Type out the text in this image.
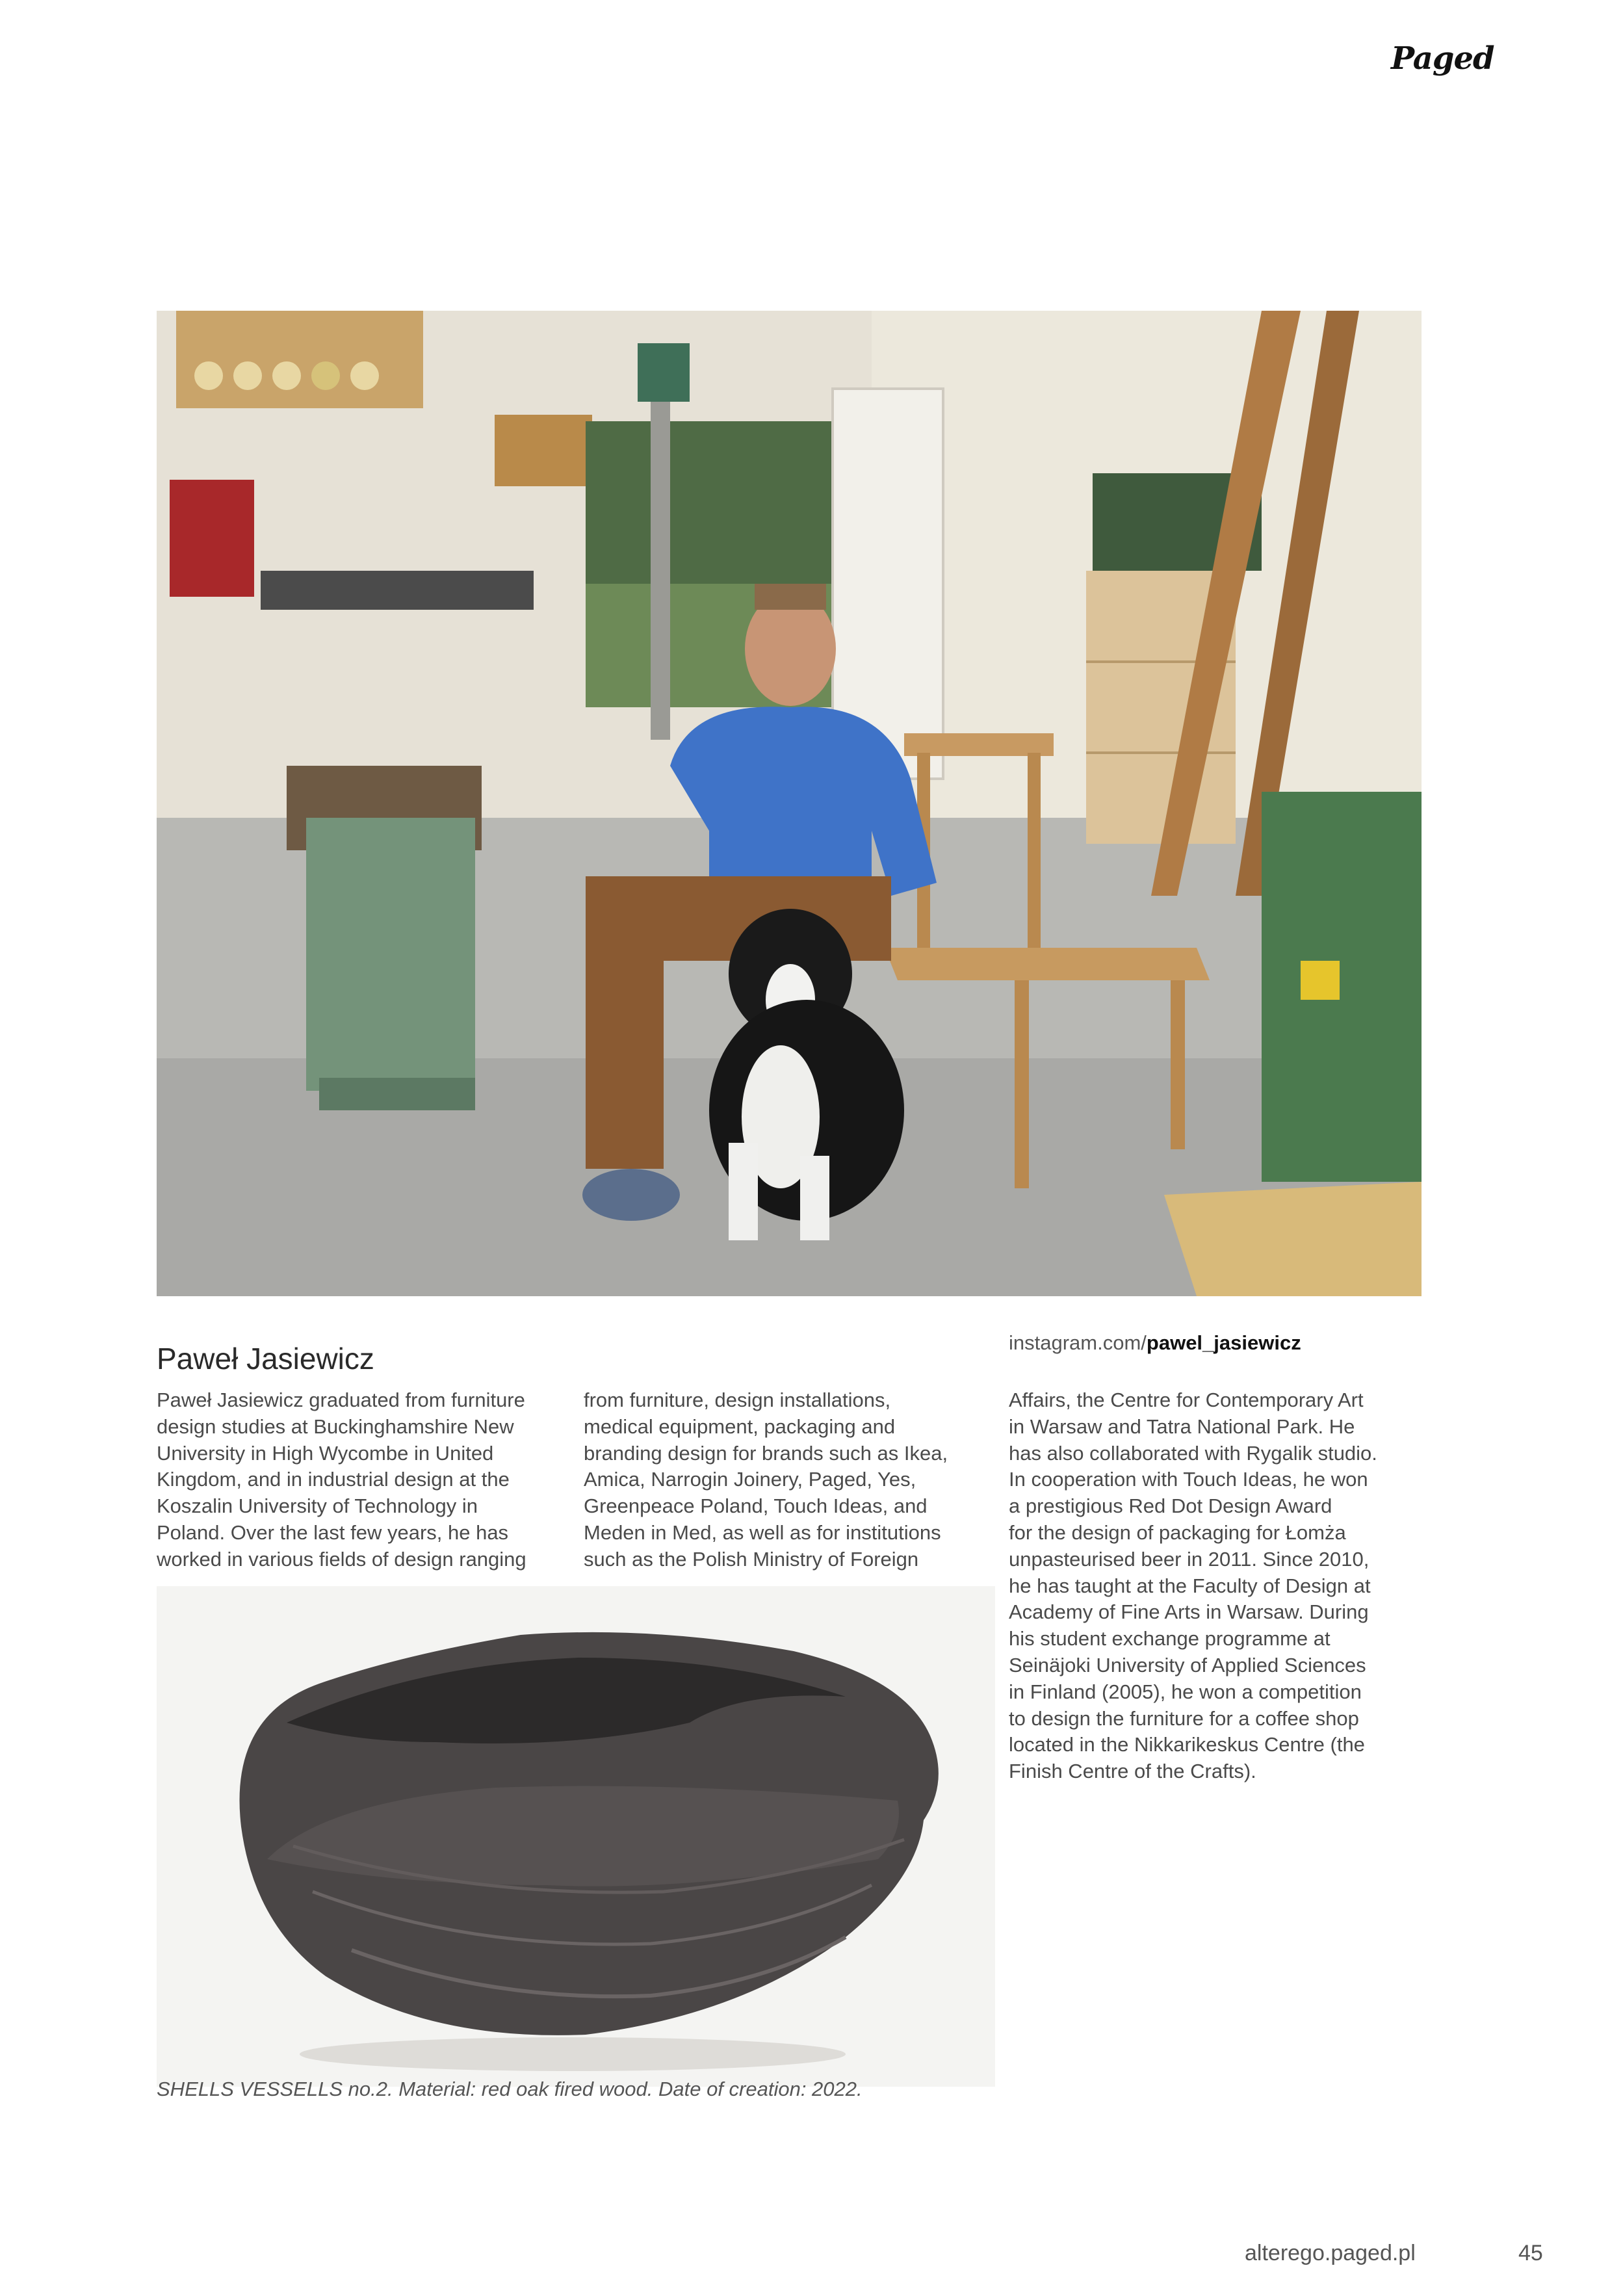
Paged
Paweł Jasiewicz	instagram.com/pawel_jasiewicz

Paweł Jasiewicz graduated from furniture
design studies at Buckinghamshire New
University in High Wycombe in United
Kingdom, and in industrial design at the
Koszalin University of Technology in
Poland. Over the last few years, he has
worked in various fields of design ranging

from furniture, design installations,
medical equipment, packaging and
branding design for brands such as Ikea,
Amica, Narrogin Joinery, Paged, Yes,
Greenpeace Poland, Touch Ideas, and
Meden in Med, as well as for institutions
such as the Polish Ministry of Foreign

Affairs, the Centre for Contemporary Art
in Warsaw and Tatra National Park. He
has also collaborated with Rygalik studio.
In cooperation with Touch Ideas, he won
a prestigious Red Dot Design Award
for the design of packaging for Łomża
unpasteurised beer in 2011. Since 2010,
he has taught at the Faculty of Design at
Academy of Fine Arts in Warsaw. During
his student exchange programme at
Seinäjoki University of Applied Sciences
in Finland (2005), he won a competition
to design the furniture for a coffee shop
located in the Nikkarikeskus Centre (the
Finish Centre of the Crafts).

SHELLS VESSELLS no.2. Material: red oak fired wood. Date of creation: 2022.
alterego.paged.pl	45
